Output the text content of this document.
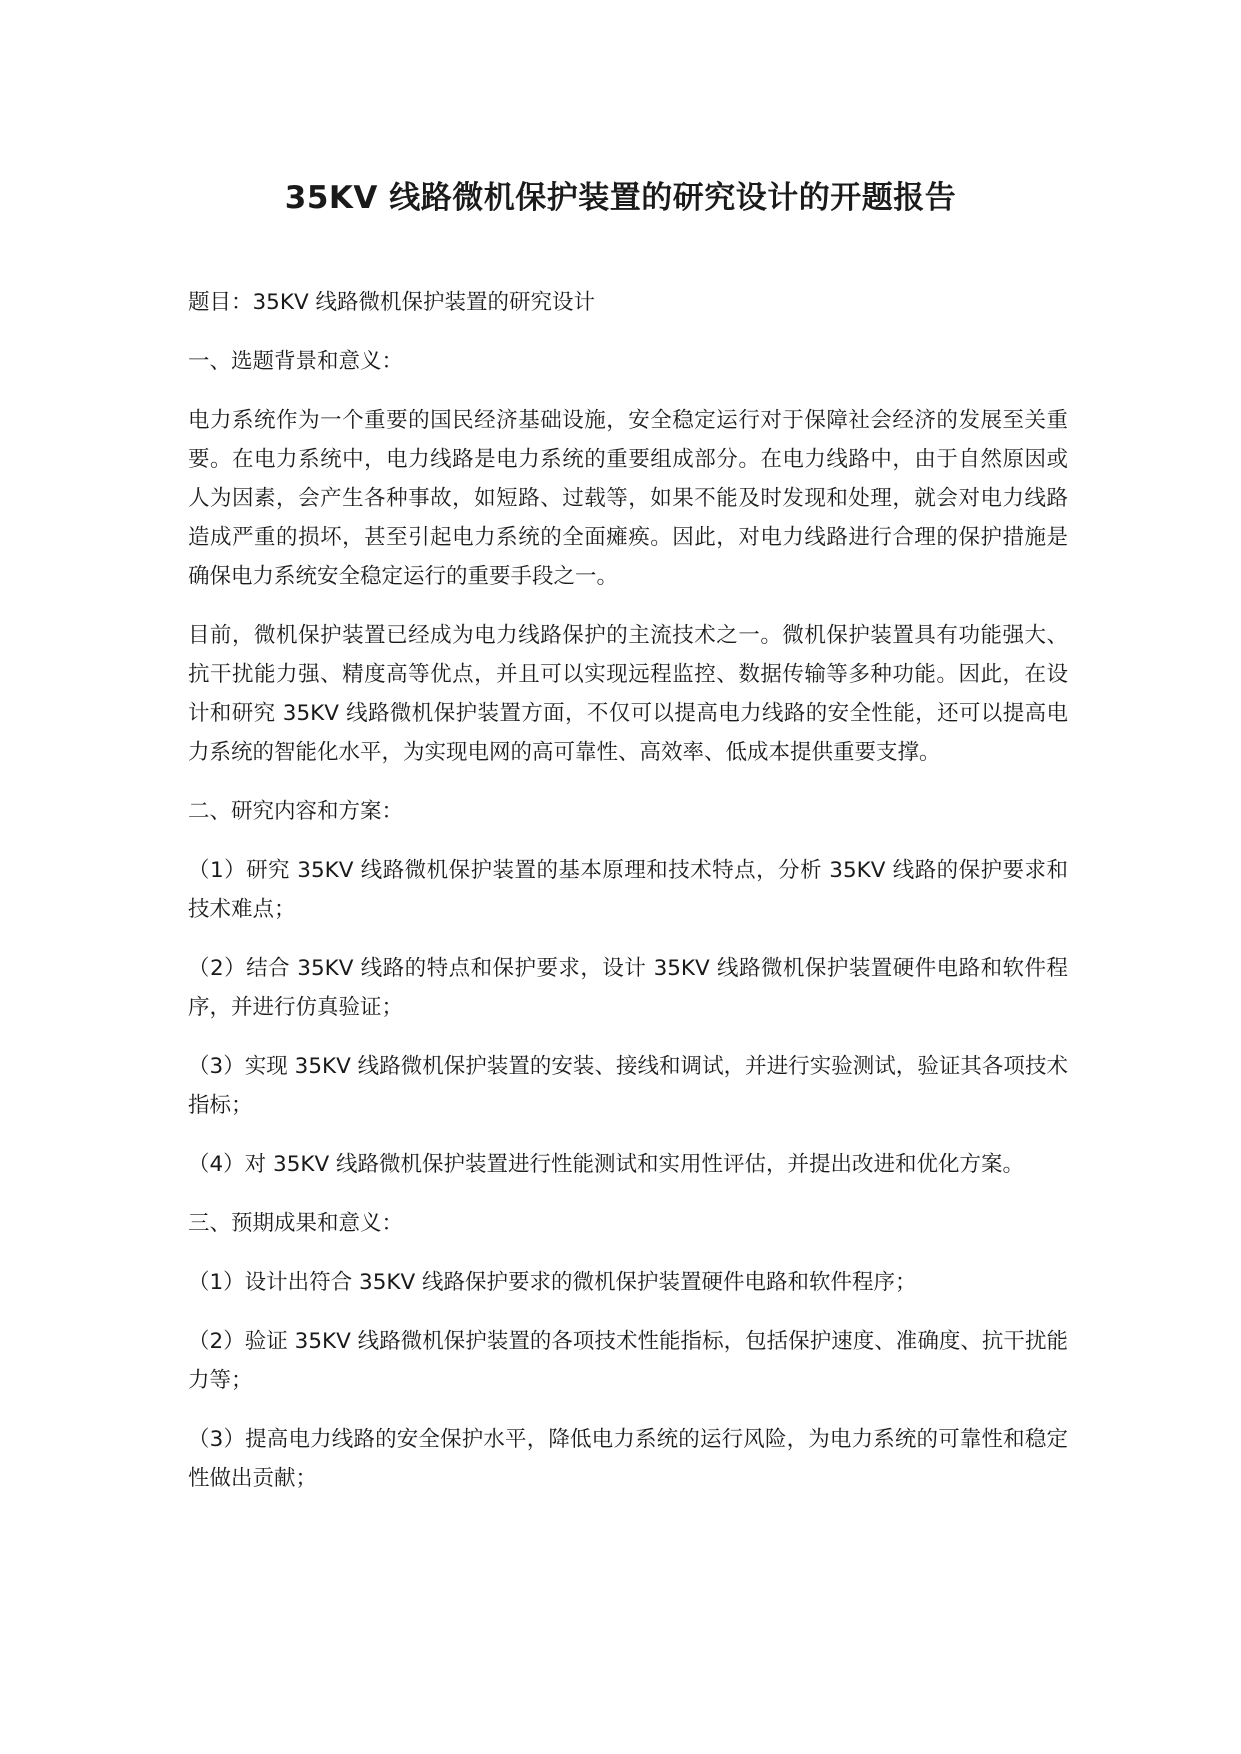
35KV 线路微机保护装置的研究设计的开题报告

题目：35KV 线路微机保护装置的研究设计

一、选题背景和意义：

电力系统作为一个重要的国民经济基础设施，安全稳定运行对于保障社会经济的发展至关重要。在电力系统中，电力线路是电力系统的重要组成部分。在电力线路中，由于自然原因或人为因素，会产生各种事故，如短路、过载等，如果不能及时发现和处理，就会对电力线路造成严重的损坏，甚至引起电力系统的全面瘫痪。因此，对电力线路进行合理的保护措施是确保电力系统安全稳定运行的重要手段之一。

目前，微机保护装置已经成为电力线路保护的主流技术之一。微机保护装置具有功能强大、抗干扰能力强、精度高等优点，并且可以实现远程监控、数据传输等多种功能。因此，在设计和研究 35KV 线路微机保护装置方面，不仅可以提高电力线路的安全性能，还可以提高电力系统的智能化水平，为实现电网的高可靠性、高效率、低成本提供重要支撑。

二、研究内容和方案：

（1）研究 35KV 线路微机保护装置的基本原理和技术特点，分析 35KV 线路的保护要求和技术难点；

（2）结合 35KV 线路的特点和保护要求，设计 35KV 线路微机保护装置硬件电路和软件程序，并进行仿真验证；

（3）实现 35KV 线路微机保护装置的安装、接线和调试，并进行实验测试，验证其各项技术指标；

（4）对 35KV 线路微机保护装置进行性能测试和实用性评估，并提出改进和优化方案。

三、预期成果和意义：

（1）设计出符合 35KV 线路保护要求的微机保护装置硬件电路和软件程序；

（2）验证 35KV 线路微机保护装置的各项技术性能指标，包括保护速度、准确度、抗干扰能力等；

（3）提高电力线路的安全保护水平，降低电力系统的运行风险，为电力系统的可靠性和稳定性做出贡献；
